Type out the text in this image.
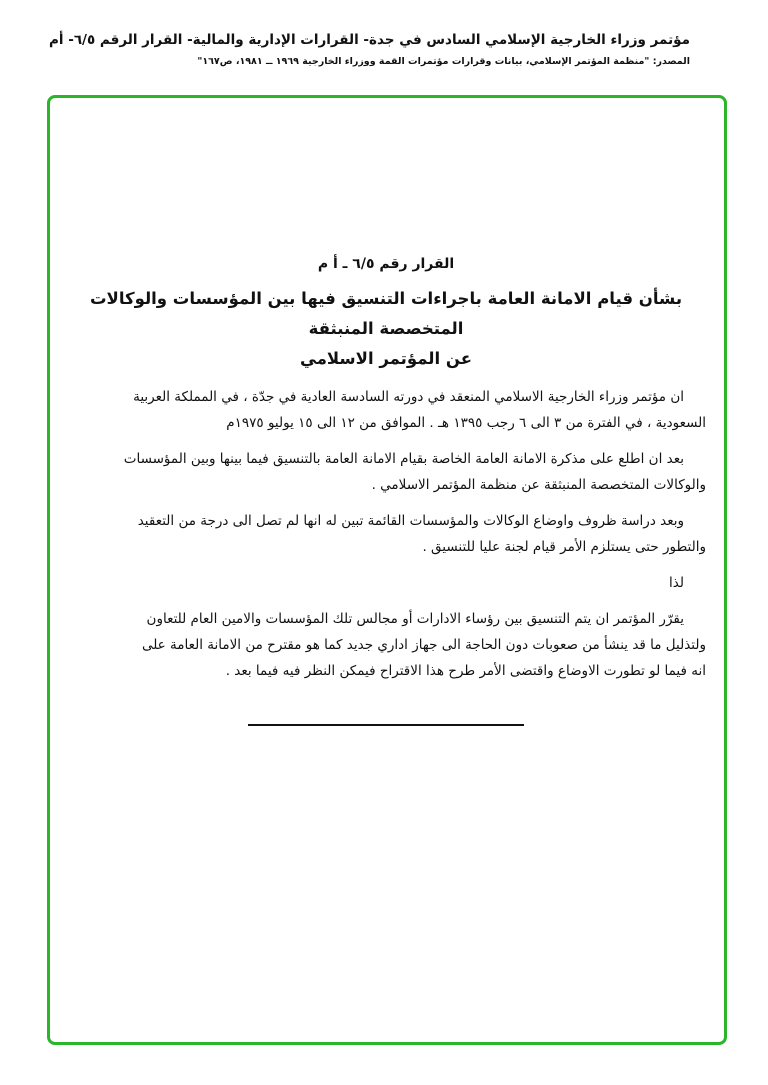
مؤتمر وزراء الخارجية الإسلامي السادس في جدة- القرارات الإدارية والمالية- القرار الرقم ٦/٥- أم
المصدر: "منظمة المؤتمر الإسلامي، بيانات وقرارات مؤتمرات القمة ووزراء الخارجية ١٩٦٩ ــ ١٩٨١، ص١٦٧"
القرار رقم ٦/٥ ـ أ م
بشأن قيام الامانة العامة باجراءات التنسيق فيها بين المؤسسات والوكالات المتخصصة المنبثقة
عن المؤتمر الاسلامي
ان مؤتمر وزراء الخارجية الاسلامي المنعقد في دورته السادسة العادية في جدّة ، في المملكة العربية
السعودية ، في الفترة من ٣ الى ٦ رجب ١٣٩٥ هـ . الموافق من ١٢ الى ١٥ يوليو ١٩٧٥م
بعد ان اطلع على مذكرة الامانة العامة الخاصة بقيام الامانة العامة بالتنسيق فيما بينها وبين المؤسسات
والوكالات المتخصصة المنبثقة عن منظمة المؤتمر الاسلامي .
وبعد دراسة ظروف واوضاع الوكالات والمؤسسات القائمة تبين له انها لم تصل الى درجة من التعقيد
والتطور حتى يستلزم الأمر قيام لجنة عليا للتنسيق .
لذا
يقرّر المؤتمر ان يتم التنسيق بين رؤساء الادارات أو مجالس تلك المؤسسات والامين العام للتعاون
ولتذليل ما قد ينشأ من صعوبات دون الحاجة الى جهاز اداري جديد كما هو مقترح من الامانة العامة على
انه فيما لو تطورت الاوضاع واقتضى الأمر طرح هذا الاقتراح فيمكن النظر فيه فيما بعد .
